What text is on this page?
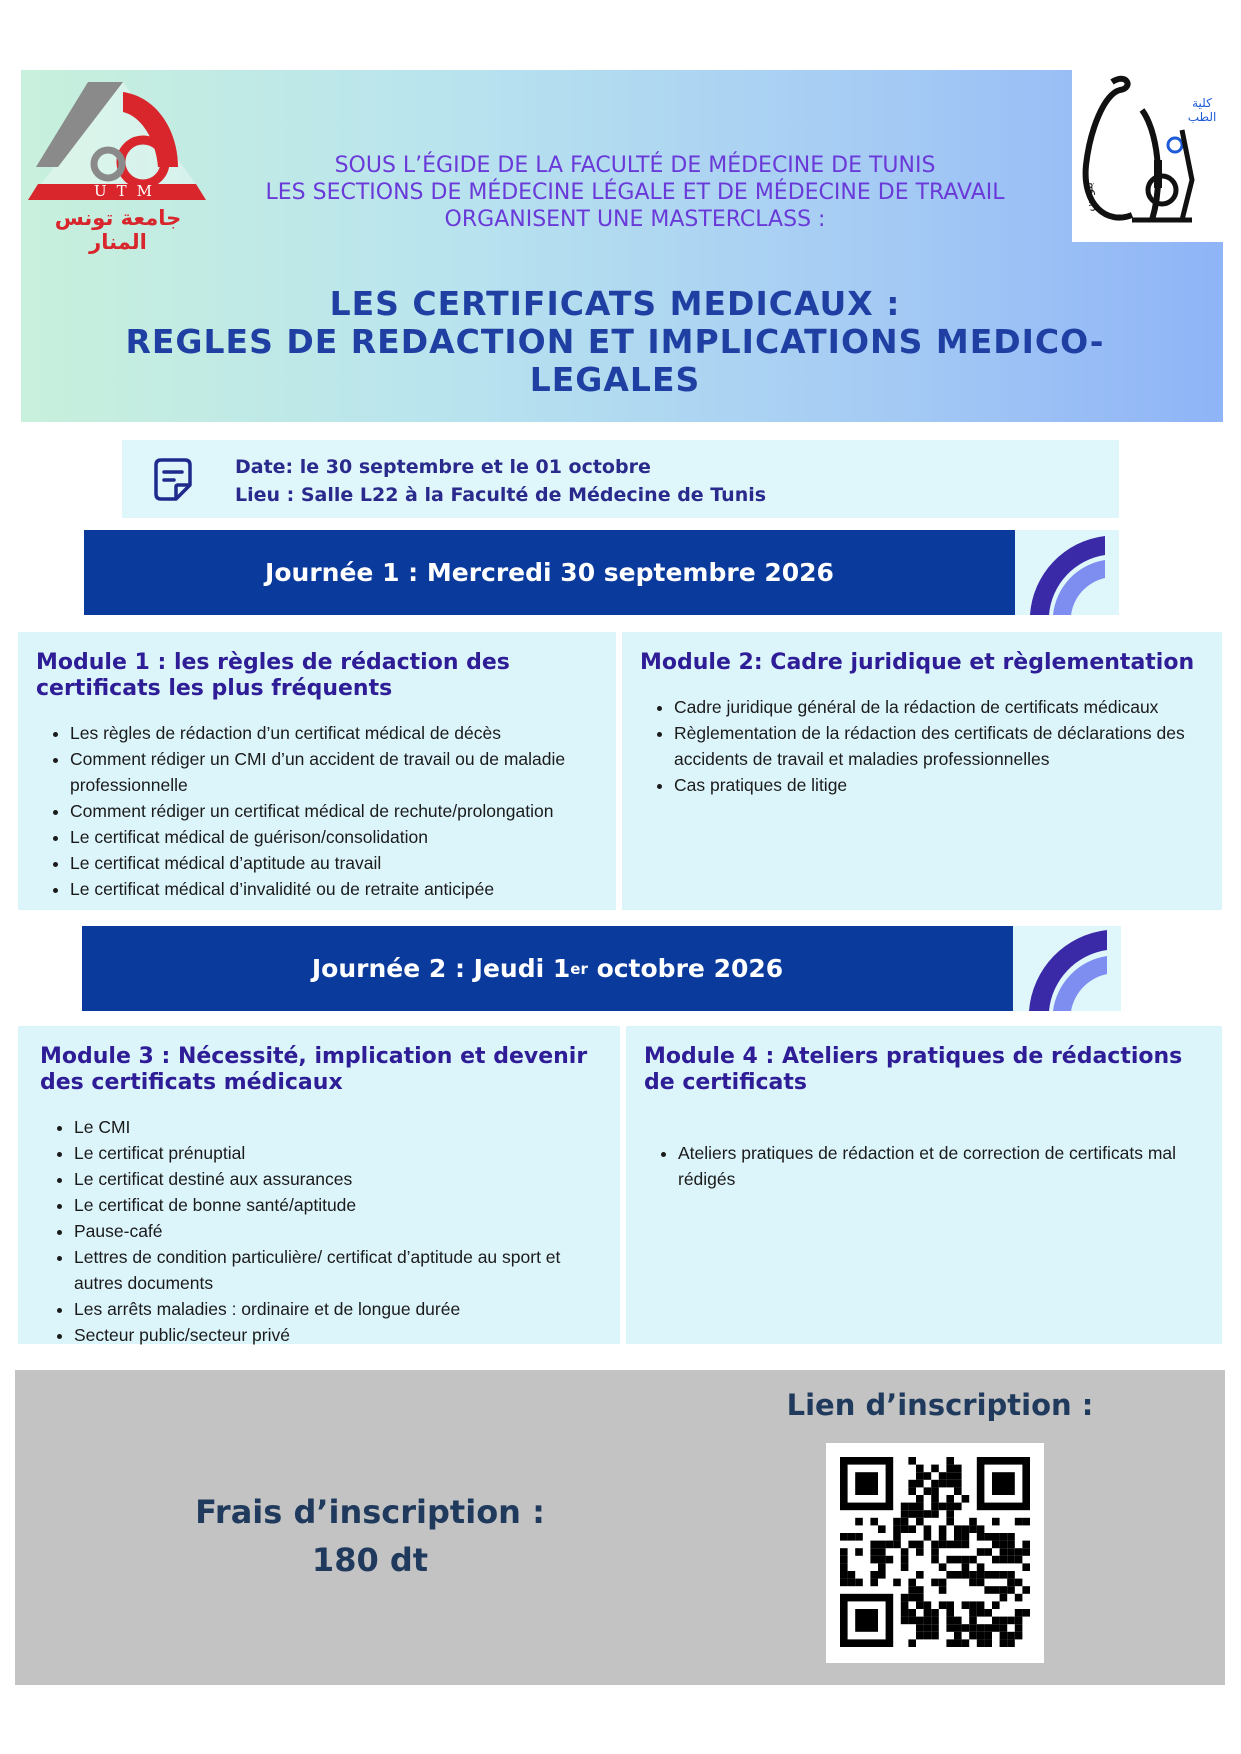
UTM
جامعة تونس المنار
كلية الطب
بتونس
SOUS L’ÉGIDE DE LA FACULTÉ DE MÉDECINE DE TUNIS
LES SECTIONS DE MÉDECINE LÉGALE ET DE MÉDECINE DE TRAVAIL
ORGANISENT UNE MASTERCLASS :
LES CERTIFICATS MEDICAUX :
REGLES DE REDACTION ET IMPLICATIONS MEDICO-
LEGALES
Date: le 30 septembre et le 01 octobre
Lieu : Salle L22 à la Faculté de Médecine de Tunis
Journée 1 : Mercredi 30 septembre 2026
Module 1 : les règles de rédaction des certificats les plus fréquents
• Les règles de rédaction d’un certificat médical de décès
• Comment rédiger un CMI d’un accident de travail ou de maladie professionnelle
• Comment rédiger un certificat médical de rechute/prolongation
• Le certificat médical de guérison/consolidation
• Le certificat médical d’aptitude au travail
• Le certificat médical d’invalidité ou de retraite anticipée
Module 2: Cadre juridique et règlementation
• Cadre juridique général de la rédaction de certificats médicaux
• Règlementation de la rédaction des certificats de déclarations des accidents de travail et maladies professionnelles
• Cas pratiques de litige
Journée 2 : Jeudi 1 er octobre 2026
Module 3 : Nécessité, implication et devenir des certificats médicaux
• Le CMI
• Le certificat prénuptial
• Le certificat destiné aux assurances
• Le certificat de bonne santé/aptitude
• Pause-café
• Lettres de condition particulière/ certificat d’aptitude au sport et autres documents
• Les arrêts maladies : ordinaire et de longue durée
• Secteur public/secteur privé
Module 4 : Ateliers pratiques de rédactions de certificats
• Ateliers pratiques de rédaction et de correction de certificats mal rédigés
Frais d’inscription :
180 dt
Lien d’inscription :
